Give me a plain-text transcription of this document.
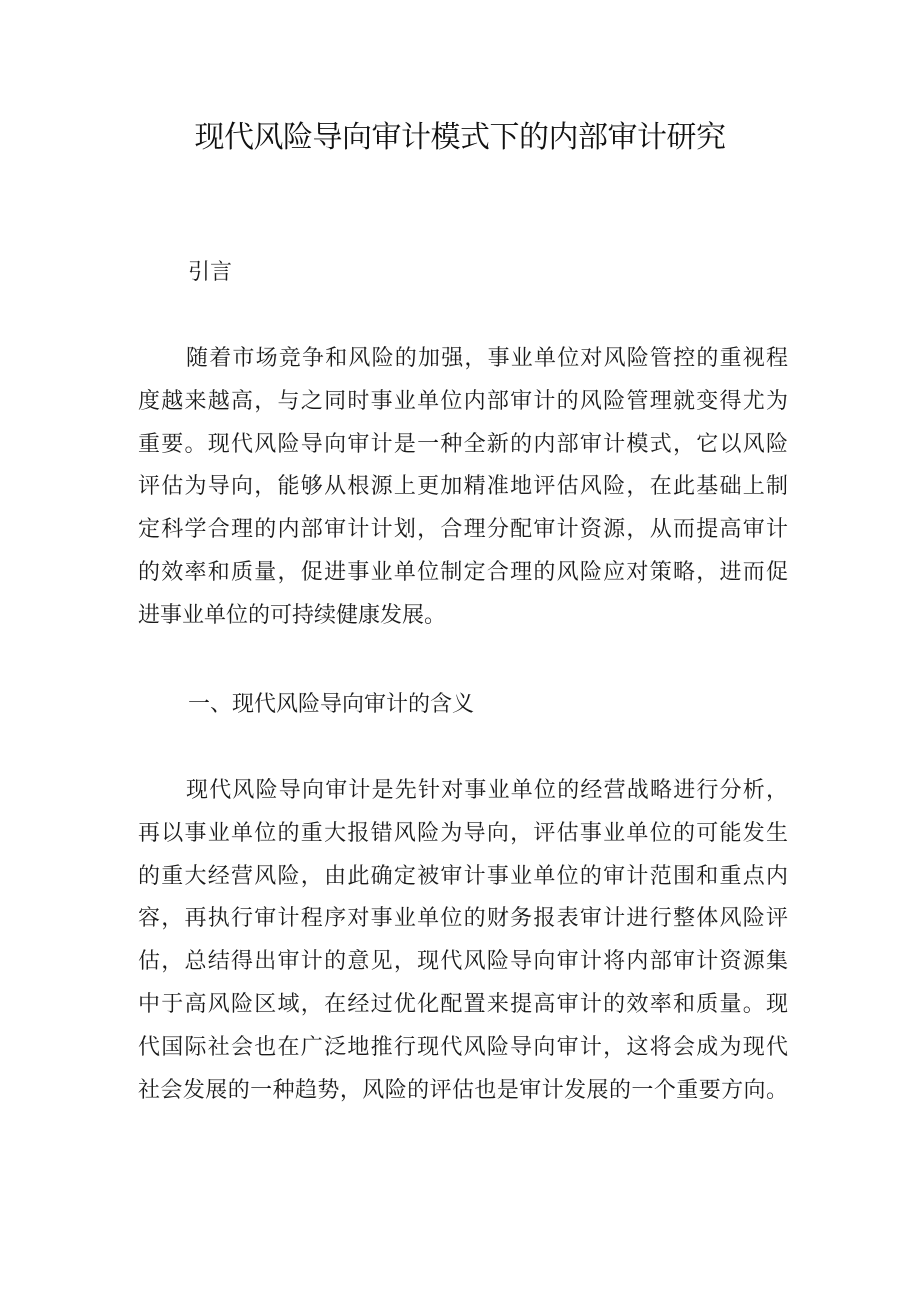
现代风险导向审计模式下的内部审计研究
引言
随着市场竞争和风险的加强，事业单位对风险管控的重视程
度越来越高，与之同时事业单位内部审计的风险管理就变得尤为
重要。现代风险导向审计是一种全新的内部审计模式，它以风险
评估为导向，能够从根源上更加精准地评估风险，在此基础上制
定科学合理的内部审计计划，合理分配审计资源，从而提高审计
的效率和质量，促进事业单位制定合理的风险应对策略，进而促
进事业单位的可持续健康发展。
一、现代风险导向审计的含义
现代风险导向审计是先针对事业单位的经营战略进行分析，
再以事业单位的重大报错风险为导向，评估事业单位的可能发生
的重大经营风险，由此确定被审计事业单位的审计范围和重点内
容，再执行审计程序对事业单位的财务报表审计进行整体风险评
估，总结得出审计的意见，现代风险导向审计将内部审计资源集
中于高风险区域，在经过优化配置来提高审计的效率和质量。现
代国际社会也在广泛地推行现代风险导向审计，这将会成为现代
社会发展的一种趋势，风险的评估也是审计发展的一个重要方向。
